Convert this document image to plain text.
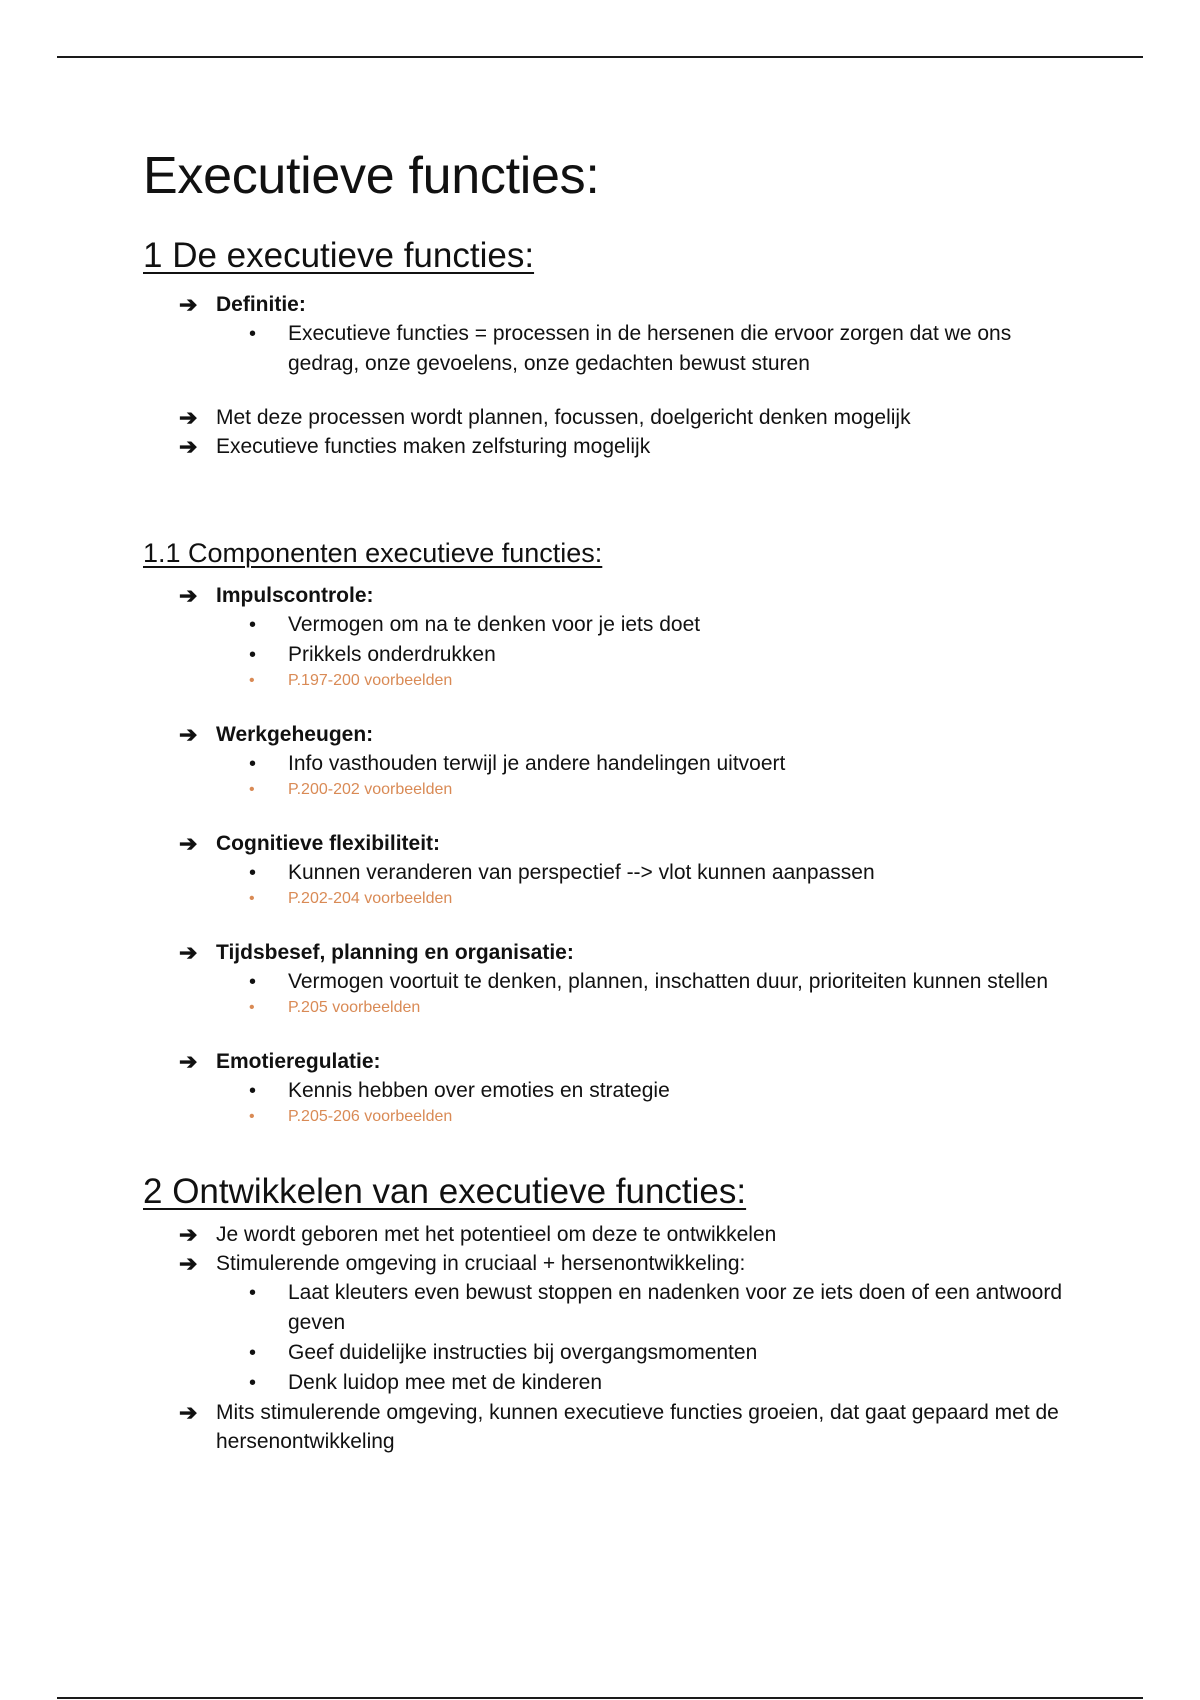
Executieve functies:
1 De executieve functies:
➔ Definitie:
• Executieve functies = processen in de hersenen die ervoor zorgen dat we ons gedrag, onze gevoelens, onze gedachten bewust sturen
➔ Met deze processen wordt plannen, focussen, doelgericht denken mogelijk
➔ Executieve functies maken zelfsturing mogelijk
1.1 Componenten executieve functies:
➔ Impulscontrole:
• Vermogen om na te denken voor je iets doet
• Prikkels onderdrukken
• P.197-200 voorbeelden
➔ Werkgeheugen:
• Info vasthouden terwijl je andere handelingen uitvoert
• P.200-202 voorbeelden
➔ Cognitieve flexibiliteit:
• Kunnen veranderen van perspectief --> vlot kunnen aanpassen
• P.202-204 voorbeelden
➔ Tijdsbesef, planning en organisatie:
• Vermogen voortuit te denken, plannen, inschatten duur, prioriteiten kunnen stellen
• P.205 voorbeelden
➔ Emotieregulatie:
• Kennis hebben over emoties en strategie
• P.205-206 voorbeelden
2 Ontwikkelen van executieve functies:
➔ Je wordt geboren met het potentieel om deze te ontwikkelen
➔ Stimulerende omgeving in cruciaal + hersenontwikkeling:
• Laat kleuters even bewust stoppen en nadenken voor ze iets doen of een antwoord geven
• Geef duidelijke instructies bij overgangsmomenten
• Denk luidop mee met de kinderen
➔ Mits stimulerende omgeving, kunnen executieve functies groeien, dat gaat gepaard met de hersenontwikkeling
